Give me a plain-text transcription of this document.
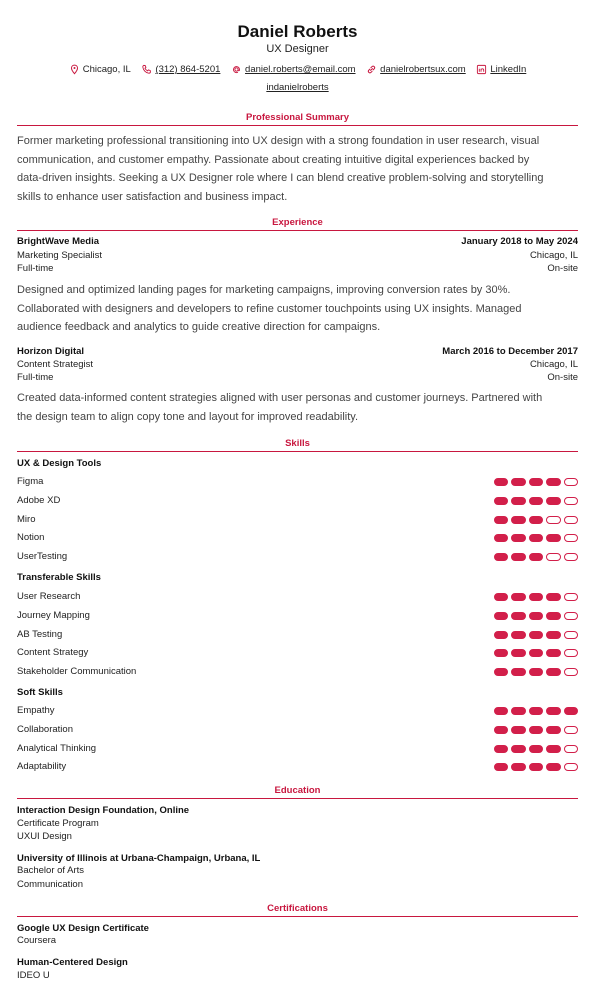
Daniel Roberts
UX Designer
Chicago, IL
	(312) 864-5201
	daniel.roberts@email.com
	danielrobertsux.com
	LinkedIn
indanielroberts
Professional Summary
Former marketing professional transitioning into UX design with a strong foundation in user research, visual
communication, and customer empathy. Passionate about creating intuitive digital experiences backed by
data-driven insights. Seeking a UX Designer role where I can blend creative problem-solving and storytelling
skills to enhance user satisfaction and business impact.
Experience
BrightWave Media	January 2018 to May 2024
Marketing Specialist	Chicago, IL
Full-time	On-site
Designed and optimized landing pages for marketing campaigns, improving conversion rates by 30%.
Collaborated with designers and developers to refine customer touchpoints using UX insights. Managed
audience feedback and analytics to guide creative direction for campaigns.
Horizon Digital	March 2016 to December 2017
Content Strategist	Chicago, IL
Full-time	On-site
Created data-informed content strategies aligned with user personas and customer journeys. Partnered with
the design team to align copy tone and layout for improved readability.
Skills
UX & Design Tools
Figma
Adobe XD
Miro
Notion
UserTesting
Transferable Skills
User Research
Journey Mapping
AB Testing
Content Strategy
Stakeholder Communication
Soft Skills
Empathy
Collaboration
Analytical Thinking
Adaptability
Education
Interaction Design Foundation, Online
Certificate Program
UXUI Design
University of Illinois at Urbana-Champaign, Urbana, IL
Bachelor of Arts
Communication
Certifications
Google UX Design Certificate
Coursera
Human-Centered Design
IDEO U
